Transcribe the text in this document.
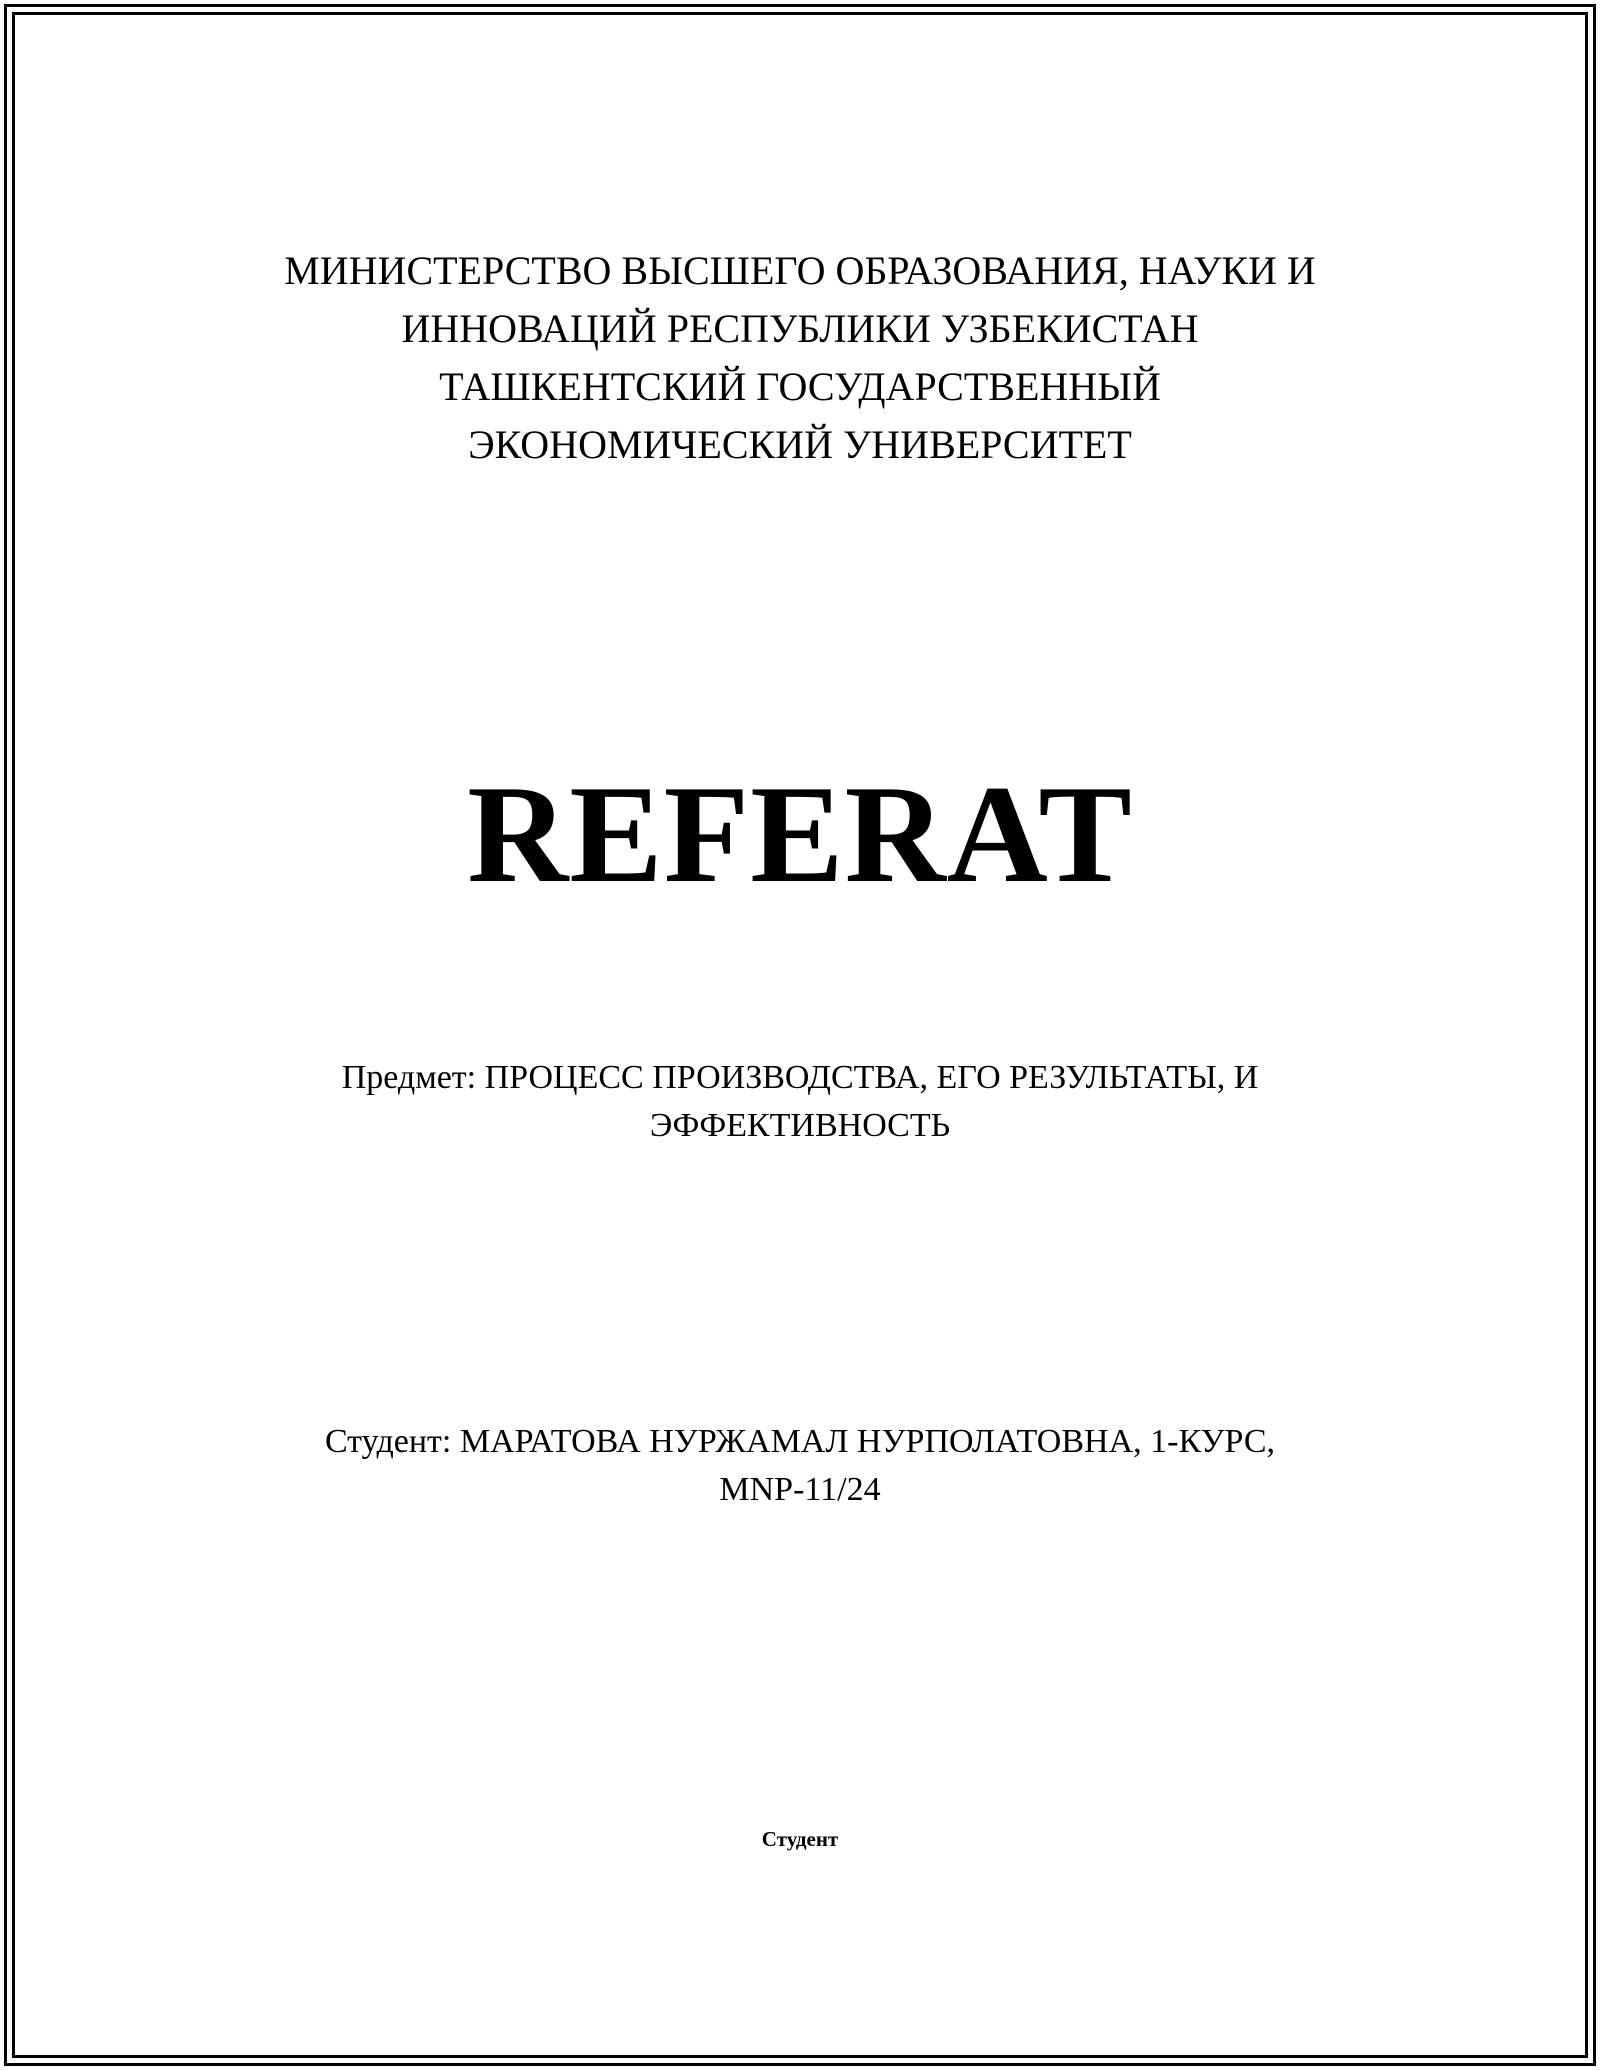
МИНИСТЕРСТВО ВЫСШЕГО ОБРАЗОВАНИЯ, НАУКИ И
ИННОВАЦИЙ РЕСПУБЛИКИ УЗБЕКИСТАН
ТАШКЕНТСКИЙ ГОСУДАРСТВЕННЫЙ
ЭКОНОМИЧЕСКИЙ УНИВЕРСИТЕТ
REFERAT
Предмет: ПРОЦЕСС ПРОИЗВОДСТВА, ЕГО РЕЗУЛЬТАТЫ, И
ЭФФЕКТИВНОСТЬ
Студент: МАРАТОВА НУРЖАМАЛ НУРПОЛАТОВНА, 1-КУРС,
MNP-11/24
Студент
